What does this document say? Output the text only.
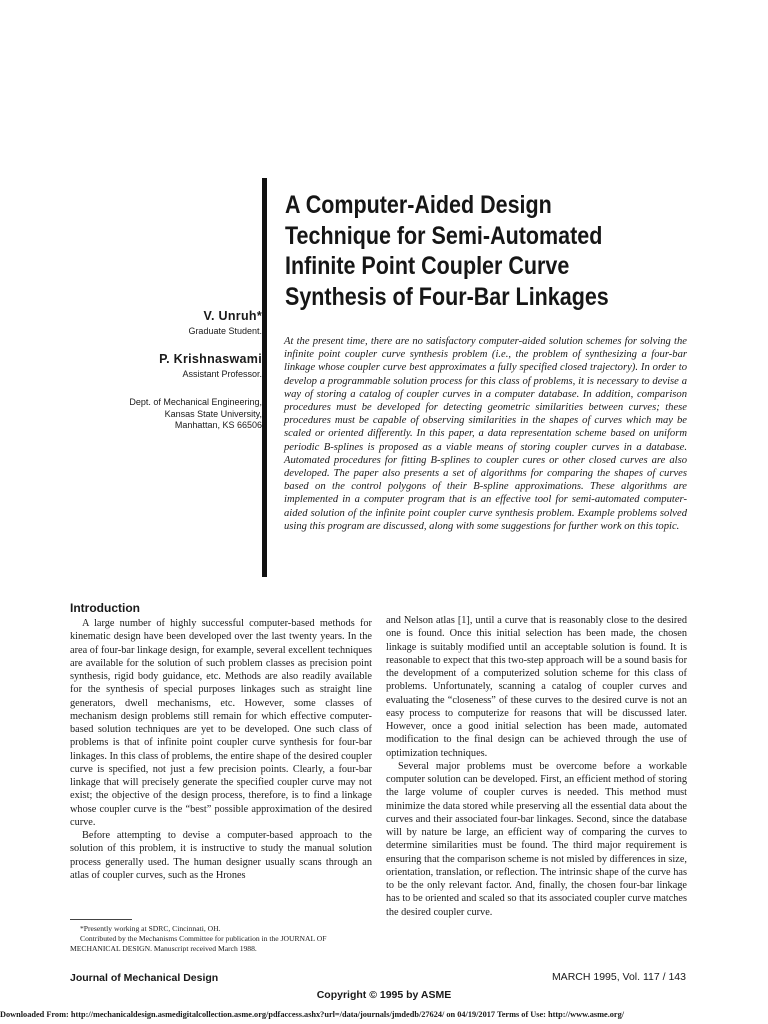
A Computer-Aided Design
Technique for Semi-Automated
Infinite Point Coupler Curve
Synthesis of Four-Bar Linkages
V. Unruh*
Graduate Student.
P. Krishnaswami
Assistant Professor.
Dept. of Mechanical Engineering,
Kansas State University,
Manhattan, KS 66506
At the present time, there are no satisfactory computer-aided solution schemes for solving the infinite point coupler curve synthesis problem (i.e., the problem of synthesizing a four-bar linkage whose coupler curve best approximates a fully specified closed trajectory). In order to develop a programmable solution process for this class of problems, it is necessary to devise a way of storing a catalog of coupler curves in a computer database. In addition, comparison procedures must be developed for detecting geometric similarities between curves; these procedures must be capable of observing similarities in the shapes of curves which may be scaled or oriented differently. In this paper, a data representation scheme based on uniform periodic B-splines is proposed as a viable means of storing coupler curves in a database. Automated procedures for fitting B-splines to coupler cures or other closed curves are also developed. The paper also presents a set of algorithms for comparing the shapes of curves based on the control polygons of their B-spline approximations. These algorithms are implemented in a computer program that is an effective tool for semi-automated computer-aided solution of the infinite point coupler curve synthesis problem. Example problems solved using this program are discussed, along with some suggestions for further work on this topic.
Introduction

A large number of highly successful computer-based methods for kinematic design have been developed over the last twenty years. In the area of four-bar linkage design, for example, several excellent techniques are available for the solution of such problem classes as precision point synthesis, rigid body guidance, etc. Methods are also readily available for the synthesis of special purposes linkages such as straight line generators, dwell mechanisms, etc. However, some classes of mechanism design problems still remain for which effective computer-based solution techniques are yet to be developed. One such class of problems is that of infinite point coupler curve synthesis for four-bar linkages. In this class of problems, the entire shape of the desired coupler curve is specified, not just a few precision points. Clearly, a four-bar linkage that will precisely generate the specified coupler curve may not exist; the objective of the design process, therefore, is to find a linkage whose coupler curve is the “best” possible approximation of the desired curve.

Before attempting to devise a computer-based approach to the solution of this problem, it is instructive to study the manual solution process generally used. The human designer usually scans through an atlas of coupler curves, such as the Hrones

and Nelson atlas [1], until a curve that is reasonably close to the desired one is found. Once this initial selection has been made, the chosen linkage is suitably modified until an acceptable solution is found. It is reasonable to expect that this two-step approach will be a sound basis for the development of a computerized solution scheme for this class of problems. Unfortunately, scanning a catalog of coupler curves and evaluating the “closeness” of these curves to the desired curve is not an easy process to computerize for reasons that will be discussed later. However, once a good initial selection has been made, automated modification to the final design can be achieved through the use of optimization techniques.

Several major problems must be overcome before a workable computer solution can be developed. First, an efficient method of storing the large volume of coupler curves is needed. This method must minimize the data stored while preserving all the essential data about the curves and their associated four-bar linkages. Second, since the database will by nature be large, an efficient way of comparing the curves to determine similarities must be found. The third major requirement is ensuring that the comparison scheme is not misled by differences in size, orientation, translation, or reflection. The intrinsic shape of the curve has to be the only relevant factor. And, finally, the chosen four-bar linkage has to be oriented and scaled so that its associated coupler curve matches the desired coupler curve.

*Presently working at SDRC, Cincinnati, OH.
Contributed by the Mechanisms Committee for publication in the JOURNAL OF MECHANICAL DESIGN. Manuscript received March 1988.
Journal of Mechanical Design	MARCH 1995, Vol. 117 / 143
Copyright © 1995 by ASME
Downloaded From: http://mechanicaldesign.asmedigitalcollection.asme.org/pdfaccess.ashx?url=/data/journals/jmdedb/27624/ on 04/19/2017 Terms of Use: http://www.asme.org/
